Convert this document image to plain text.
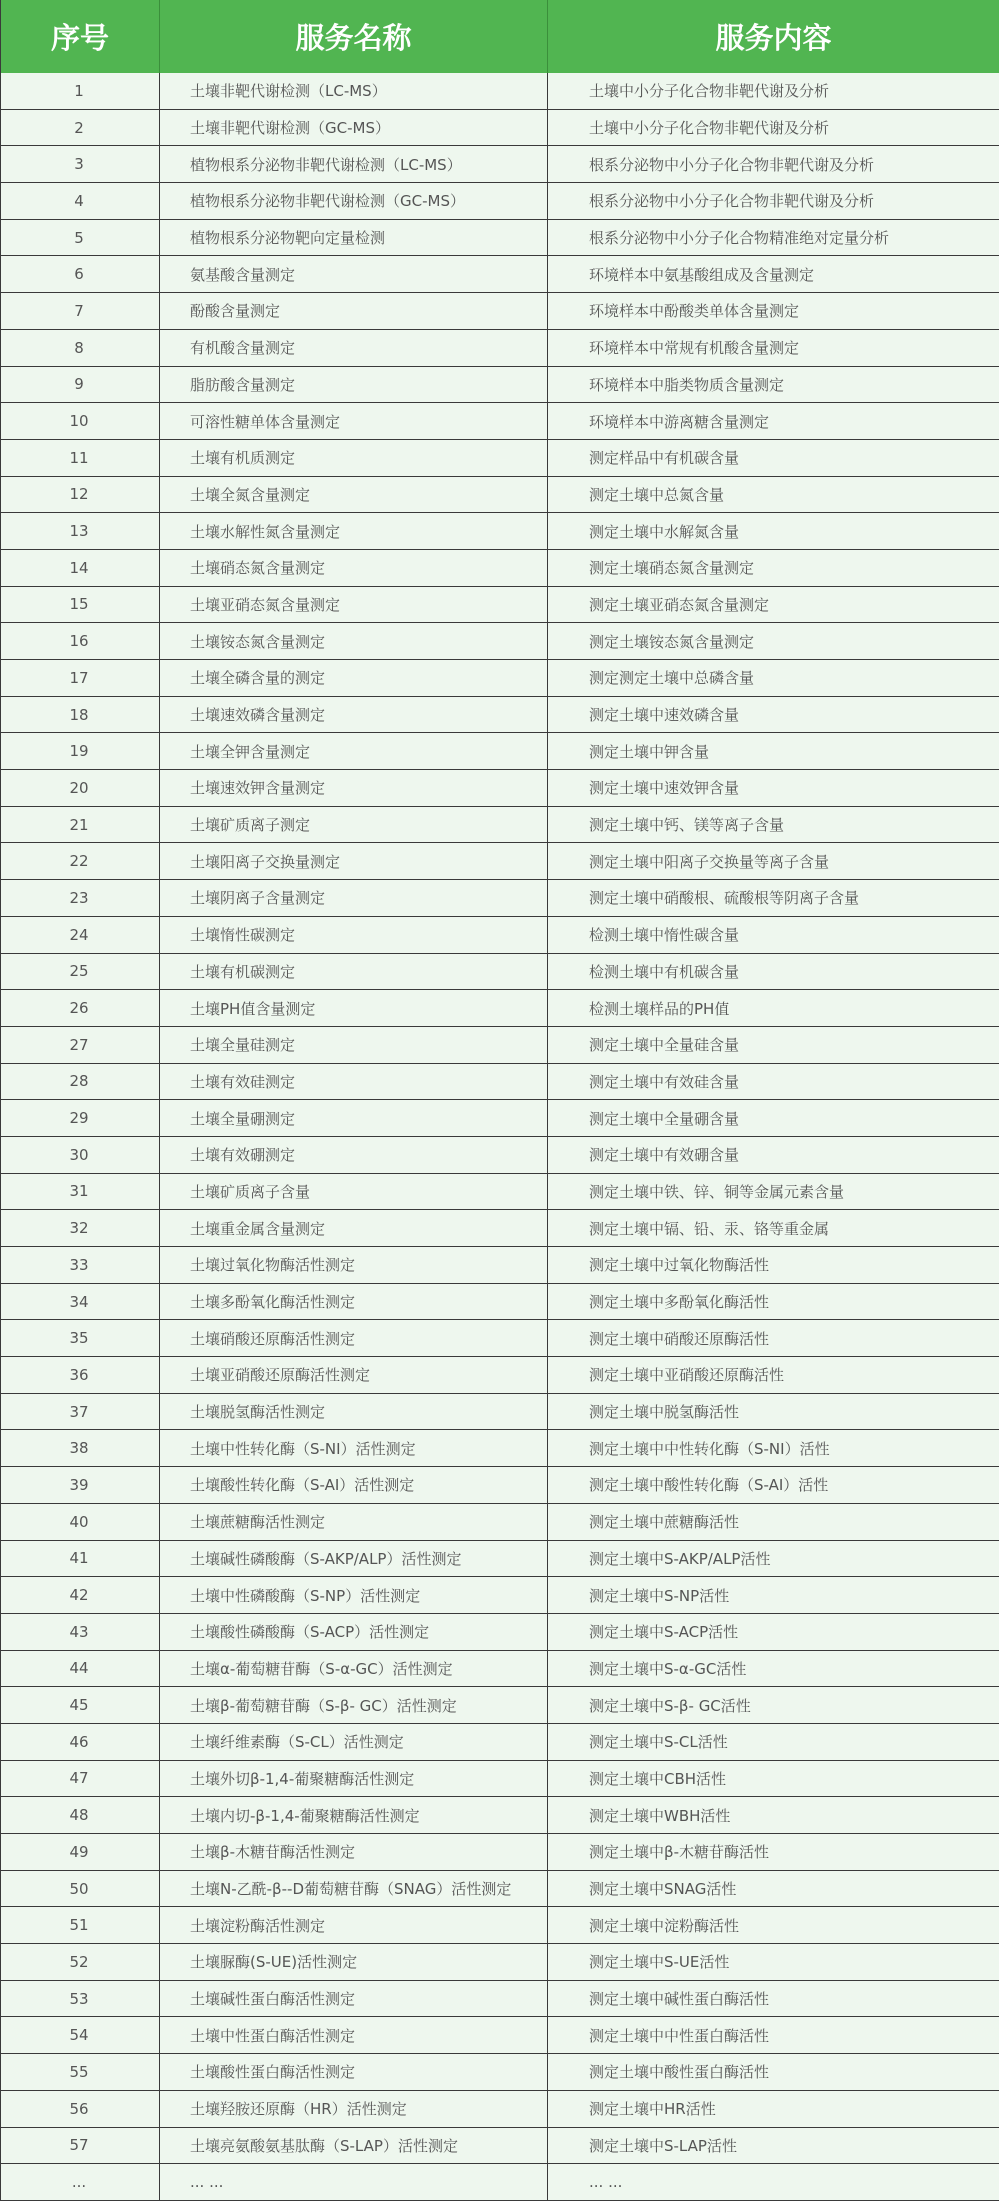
序号	服务名称	服务内容
1	土壤非靶代谢检测（LC-MS）	土壤中小分子化合物非靶代谢及分析
2	土壤非靶代谢检测（GC-MS）	土壤中小分子化合物非靶代谢及分析
3	植物根系分泌物非靶代谢检测（LC-MS）	根系分泌物中小分子化合物非靶代谢及分析
4	植物根系分泌物非靶代谢检测（GC-MS）	根系分泌物中小分子化合物非靶代谢及分析
5	植物根系分泌物靶向定量检测	根系分泌物中小分子化合物精准绝对定量分析
6	氨基酸含量测定	环境样本中氨基酸组成及含量测定
7	酚酸含量测定	环境样本中酚酸类单体含量测定
8	有机酸含量测定	环境样本中常规有机酸含量测定
9	脂肪酸含量测定	环境样本中脂类物质含量测定
10	可溶性糖单体含量测定	环境样本中游离糖含量测定
11	土壤有机质测定	测定样品中有机碳含量
12	土壤全氮含量测定	测定土壤中总氮含量
13	土壤水解性氮含量测定	测定土壤中水解氮含量
14	土壤硝态氮含量测定	测定土壤硝态氮含量测定
15	土壤亚硝态氮含量测定	测定土壤亚硝态氮含量测定
16	土壤铵态氮含量测定	测定土壤铵态氮含量测定
17	土壤全磷含量的测定	测定测定土壤中总磷含量
18	土壤速效磷含量测定	测定土壤中速效磷含量
19	土壤全钾含量测定	测定土壤中钾含量
20	土壤速效钾含量测定	测定土壤中速效钾含量
21	土壤矿质离子测定	测定土壤中钙、镁等离子含量
22	土壤阳离子交换量测定	测定土壤中阳离子交换量等离子含量
23	土壤阴离子含量测定	测定土壤中硝酸根、硫酸根等阴离子含量
24	土壤惰性碳测定	检测土壤中惰性碳含量
25	土壤有机碳测定	检测土壤中有机碳含量
26	土壤PH值含量测定	检测土壤样品的PH值
27	土壤全量硅测定	测定土壤中全量硅含量
28	土壤有效硅测定	测定土壤中有效硅含量
29	土壤全量硼测定	测定土壤中全量硼含量
30	土壤有效硼测定	测定土壤中有效硼含量
31	土壤矿质离子含量	测定土壤中铁、锌、铜等金属元素含量
32	土壤重金属含量测定	测定土壤中镉、铅、汞、铬等重金属
33	土壤过氧化物酶活性测定	测定土壤中过氧化物酶活性
34	土壤多酚氧化酶活性测定	测定土壤中多酚氧化酶活性
35	土壤硝酸还原酶活性测定	测定土壤中硝酸还原酶活性
36	土壤亚硝酸还原酶活性测定	测定土壤中亚硝酸还原酶活性
37	土壤脱氢酶活性测定	测定土壤中脱氢酶活性
38	土壤中性转化酶（S-NI）活性测定	测定土壤中中性转化酶（S-NI）活性
39	土壤酸性转化酶（S-AI）活性测定	测定土壤中酸性转化酶（S-AI）活性
40	土壤蔗糖酶活性测定	测定土壤中蔗糖酶活性
41	土壤碱性磷酸酶（S-AKP/ALP）活性测定	测定土壤中S-AKP/ALP活性
42	土壤中性磷酸酶（S-NP）活性测定	测定土壤中S-NP活性
43	土壤酸性磷酸酶（S-ACP）活性测定	测定土壤中S-ACP活性
44	土壤α-葡萄糖苷酶（S-α-GC）活性测定	测定土壤中S-α-GC活性
45	土壤β-葡萄糖苷酶（S-β- GC）活性测定	测定土壤中S-β- GC活性
46	土壤纤维素酶（S-CL）活性测定	测定土壤中S-CL活性
47	土壤外切β-1,4-葡聚糖酶活性测定	测定土壤中CBH活性
48	土壤内切-β-1,4-葡聚糖酶活性测定	测定土壤中WBH活性
49	土壤β-木糖苷酶活性测定	测定土壤中β-木糖苷酶活性
50	土壤N-乙酰-β--D葡萄糖苷酶（SNAG）活性测定	测定土壤中SNAG活性
51	土壤淀粉酶活性测定	测定土壤中淀粉酶活性
52	土壤脲酶(S-UE)活性测定	测定土壤中S-UE活性
53	土壤碱性蛋白酶活性测定	测定土壤中碱性蛋白酶活性
54	土壤中性蛋白酶活性测定	测定土壤中中性蛋白酶活性
55	土壤酸性蛋白酶活性测定	测定土壤中酸性蛋白酶活性
56	土壤羟胺还原酶（HR）活性测定	测定土壤中HR活性
57	土壤亮氨酸氨基肽酶（S-LAP）活性测定	测定土壤中S-LAP活性
...	... ...	... ...
